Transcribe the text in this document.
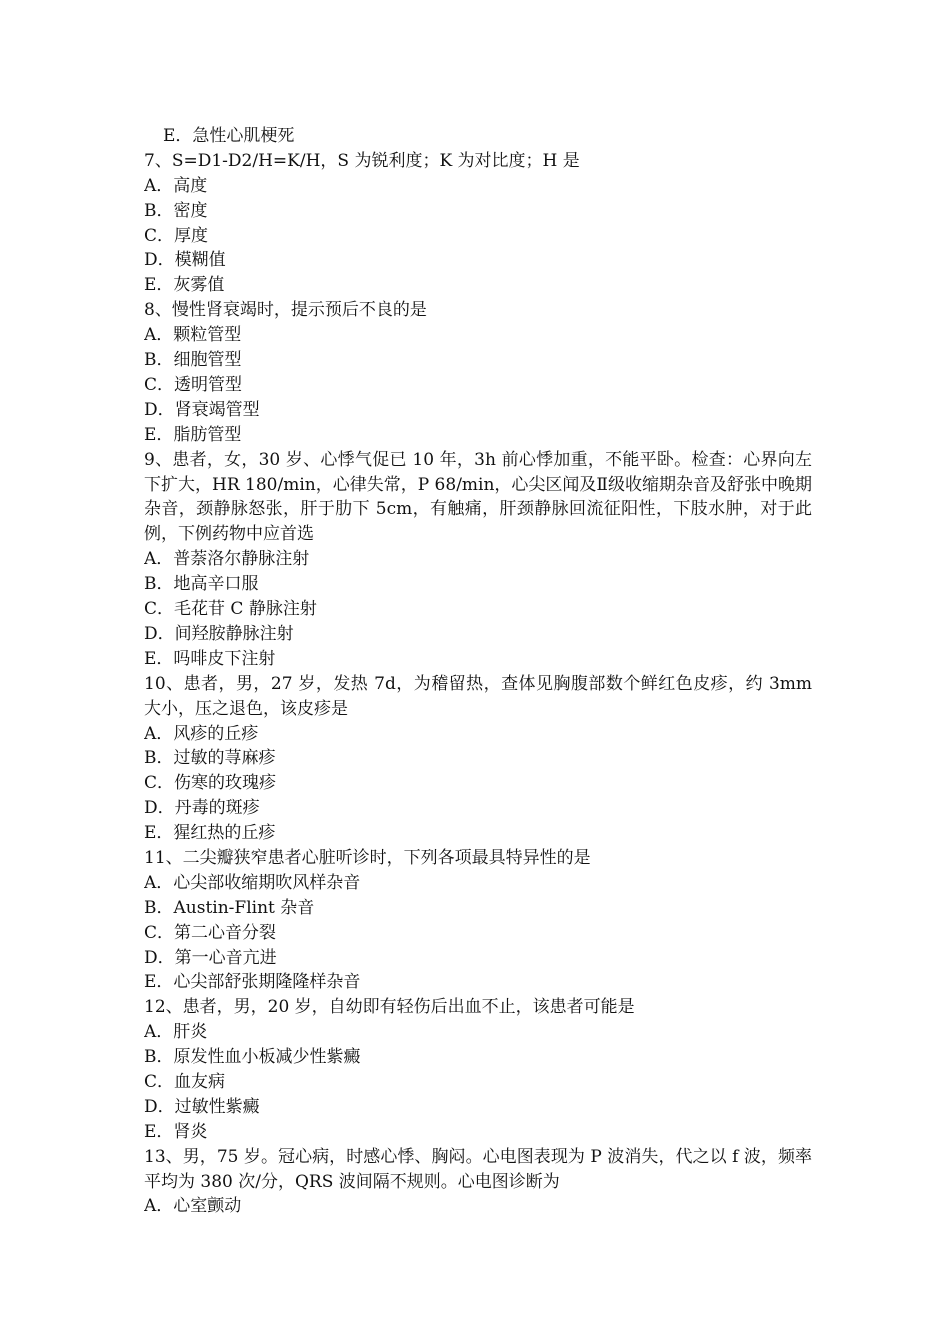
E．急性心肌梗死
7、S=D1-D2/H=K/H，S 为锐利度；K 为对比度；H 是
A．高度
B．密度
C．厚度
D．模糊值
E．灰雾值
8、慢性肾衰竭时，提示预后不良的是
A．颗粒管型
B．细胞管型
C．透明管型
D．肾衰竭管型
E．脂肪管型
9、患者，女，30 岁、心悸气促已 10 年，3h 前心悸加重，不能平卧。检查：心界向左下扩大，HR 180/min，心律失常，P 68/min，心尖区闻及Ⅱ级收缩期杂音及舒张中晚期杂音，颈静脉怒张，肝于肋下 5cm，有触痛，肝颈静脉回流征阳性，下肢水肿，对于此例，下例药物中应首选
A．普萘洛尔静脉注射
B．地高辛口服
C．毛花苷 C 静脉注射
D．间羟胺静脉注射
E．吗啡皮下注射
10、患者，男，27 岁，发热 7d，为稽留热，查体见胸腹部数个鲜红色皮疹，约 3mm 大小，压之退色，该皮疹是
A．风疹的丘疹
B．过敏的荨麻疹
C．伤寒的玫瑰疹
D．丹毒的斑疹
E．猩红热的丘疹
11、二尖瓣狭窄患者心脏听诊时，下列各项最具特异性的是
A．心尖部收缩期吹风样杂音
B．Austin-Flint 杂音
C．第二心音分裂
D．第一心音亢进
E．心尖部舒张期隆隆样杂音
12、患者，男，20 岁，自幼即有轻伤后出血不止，该患者可能是
A．肝炎
B．原发性血小板减少性紫癜
C．血友病
D．过敏性紫癜
E．肾炎
13、男，75 岁。冠心病，时感心悸、胸闷。心电图表现为 P 波消失，代之以 f 波，频率平均为 380 次/分，QRS 波间隔不规则。心电图诊断为
A．心室颤动
